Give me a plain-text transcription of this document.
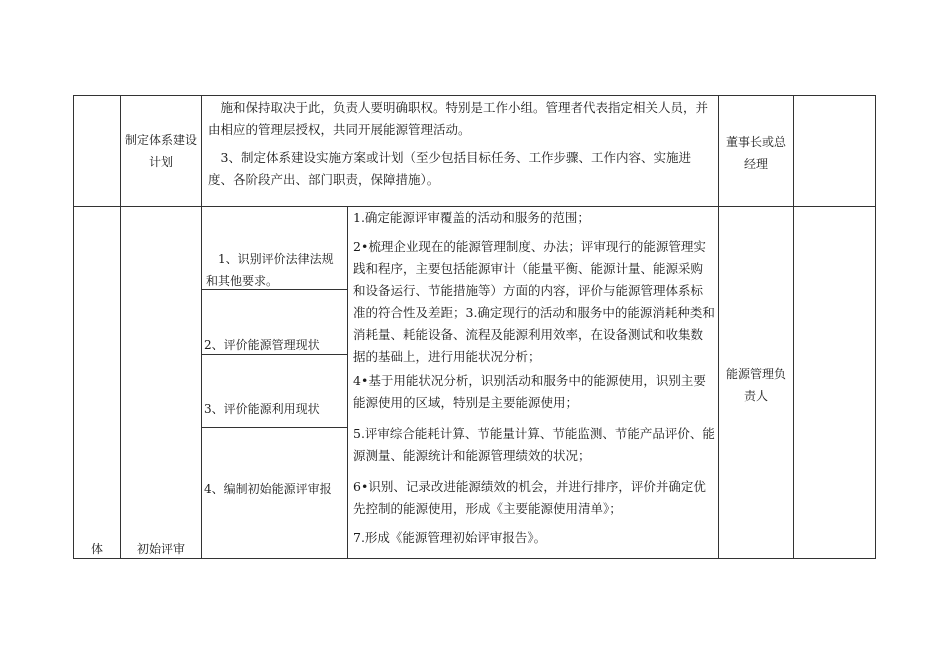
制定体系建设计划
施和保持取决于此，负责人要明确职权。特别是工作小组。管理者代表指定相关人员，并由相应的管理层授权，共同开展能源管理活动。
3、制定体系建设实施方案或计划（至少包括目标任务、工作步骤、工作内容、实施进度、各阶段产出、部门职责，保障措施）。
董事长或总经理
体	初始评审
1、识别评价法律法规和其他要求。
2、评价能源管理现状
3、评价能源利用现状
4、编制初始能源评审报
1.确定能源评审覆盖的活动和服务的范围；
2•梳理企业现在的能源管理制度、办法；评审现行的能源管理实践和程序，主要包括能源审计（能量平衡、能源计量、能源采购和设备运行、节能措施等）方面的内容，评价与能源管理体系标准的符合性及差距；3.确定现行的活动和服务中的能源消耗种类和消耗量、耗能设备、流程及能源利用效率，在设备测试和收集数据的基础上，进行用能状况分析；
4•基于用能状况分析，识别活动和服务中的能源使用，识别主要能源使用的区域，特别是主要能源使用；
5.评审综合能耗计算、节能量计算、节能监测、节能产品评价、能源测量、能源统计和能源管理绩效的状况；
6•识别、记录改进能源绩效的机会，并进行排序，评价并确定优先控制的能源使用，形成《主要能源使用清单》；
7.形成《能源管理初始评审报告》。
能源管理负责人
